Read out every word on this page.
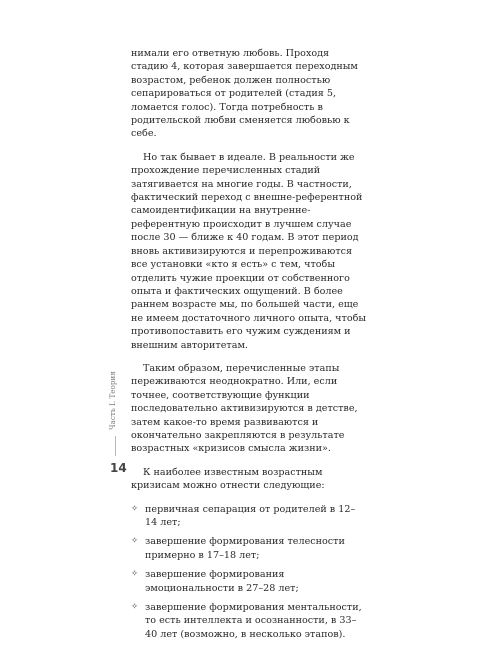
нимали его ответную любовь. Проходя стадию 4, которая завершается переходным возрастом, ребенок должен полностью сепарироваться от родителей (стадия 5, ломается голос). Тогда потребность в родительской любви сменяется любовью к себе.

Но так бывает в идеале. В реальности же прохождение перечисленных стадий затягивается на многие годы. В частности, фактический переход с внешне-референтной самоидентификации на внутренне-референтную происходит в лучшем случае после 30 — ближе к 40 годам. В этот период вновь активизируются и перепроживаются все установки «кто я есть» с тем, чтобы отделить чужие проекции от собственного опыта и фактических ощущений. В более раннем возрасте мы, по большей части, еще не имеем достаточного личного опыта, чтобы противопоставить его чужим суждениям и внешним авторитетам.

Таким образом, перечисленные этапы переживаются неоднократно. Или, если точнее, соответствующие функции последовательно активизируются в детстве, затем какое-то время развиваются и окончательно закрепляются в результате возрастных «кризисов смысла жизни».

К наиболее известным возрастным кризисам можно отнести следующие:

✧ первичная сепарация от родителей в 12–14 лет;
✧ завершение формирования телесности примерно в 17–18 лет;
✧ завершение формирования эмоциональности в 27–28 лет;
✧ завершение формирования ментальности, то есть интеллекта и осознанности, в 33–40 лет (возможно, в несколько этапов).
Часть I. Теория
14
